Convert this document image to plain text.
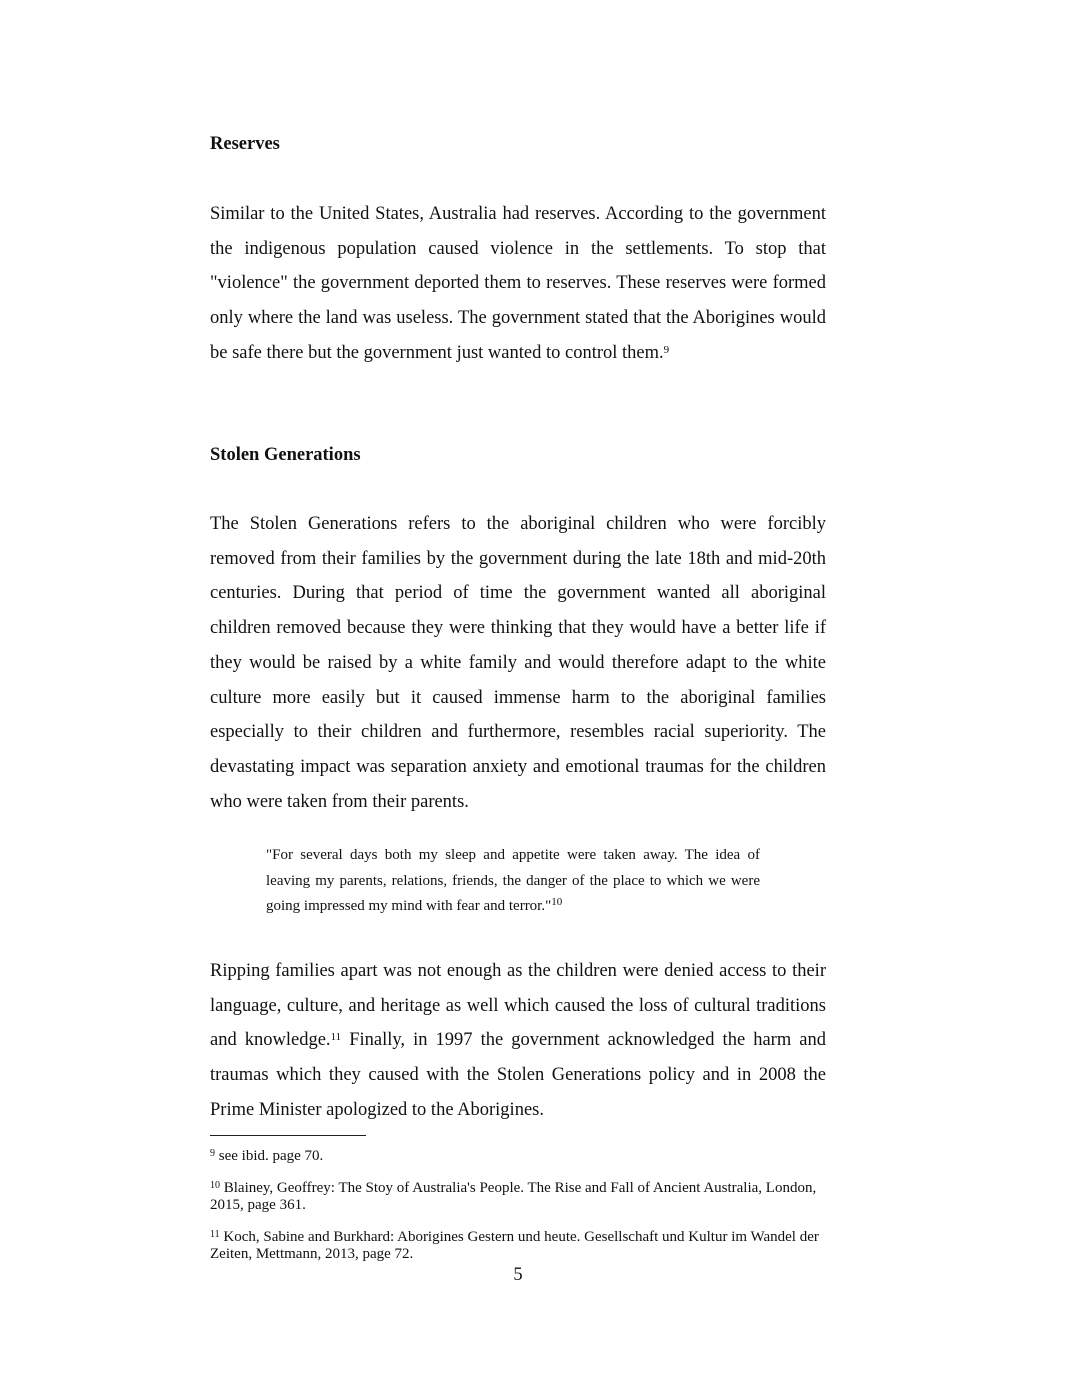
Reserves

Similar to the United States, Australia had reserves. According to the government the indigenous population caused violence in the settlements. To stop that "violence" the government deported them to reserves. These reserves were formed only where the land was useless. The government stated that the Aborigines would be safe there but the government just wanted to control them.$^9$

Stolen Generations

The Stolen Generations refers to the aboriginal children who were forcibly removed from their families by the government during the late 18th and mid-20th centuries. During that period of time the government wanted all aboriginal children removed because they were thinking that they would have a better life if they would be raised by a white family and would therefore adapt to the white culture more easily but it caused immense harm to the aboriginal families especially to their children and furthermore, resembles racial superiority. The devastating impact was separation anxiety and emotional traumas for the children who were taken from their parents.

"For several days both my sleep and appetite were taken away. The idea of leaving my parents, relations, friends, the danger of the place to which we were going impressed my mind with fear and terror."$^{10}$

Ripping families apart was not enough as the children were denied access to their language, culture, and heritage as well which caused the loss of cultural traditions and knowledge.$^{11}$ Finally, in 1997 the government acknowledged the harm and traumas which they caused with the Stolen Generations policy and in 2008 the Prime Minister apologized to the Aborigines.

$^9$ see ibid. page 70.

$^{10}$ Blainey, Geoffrey: The Stoy of Australia's People. The Rise and Fall of Ancient Australia, London, 2015, page 361.

$^{11}$ Koch, Sabine and Burkhard: Aborigines Gestern und heute. Gesellschaft und Kultur im Wandel der Zeiten, Mettmann, 2013, page 72.

5
